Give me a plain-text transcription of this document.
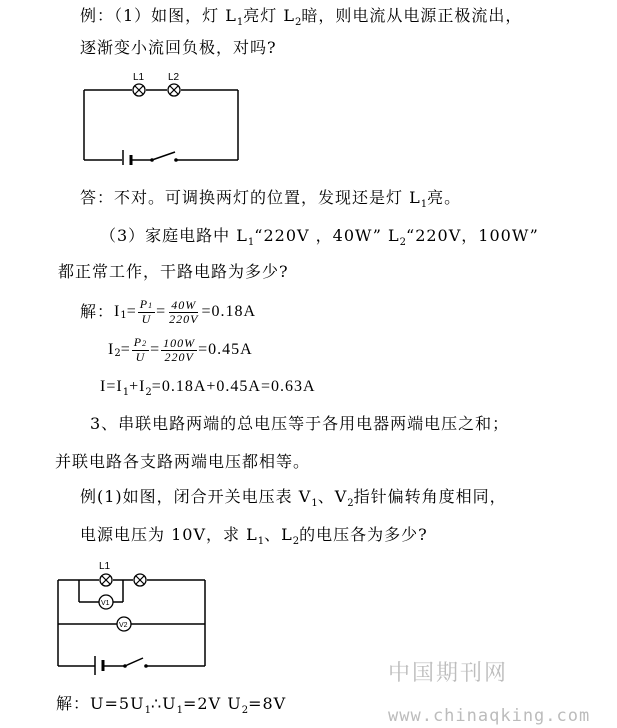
例：（1）如图，灯 $L_1$亮灯 $L_2$暗，则电流从电源正极流出，
逐渐变小流回负极，对吗?
L1 L2
答：不对。可调换两灯的位置，发现还是灯 $L_1$亮。
（3）家庭电路中 $L_1“220V$ ，40W” $L_2“220V$，100W”
都正常工作，干路电路为多少?
解： I $1 = \frac{P1}{U} = \frac{40W}{220V} =0.18A$
I $2 = \frac{P2}{U} = \frac{100W}{220V} =0.45A$
$I=I_1+I_2=0.18A+0.45A=0.63A$
3、串联电路两端的总电压等于各用电器两端电压之和；
并联电路各支路两端电压都相等。
例(1)如图，闭合开关电压表 $V_1$、$V_2$指针偏转角度相同，
电源电压为 10V，求 $L_1$、$L_2$的电压各为多少?
V1
V2
L1
解：$U=5U_1\therefore U_1=2V$ $U_2=8V$
中国期刊网
www.chinaqking.com
